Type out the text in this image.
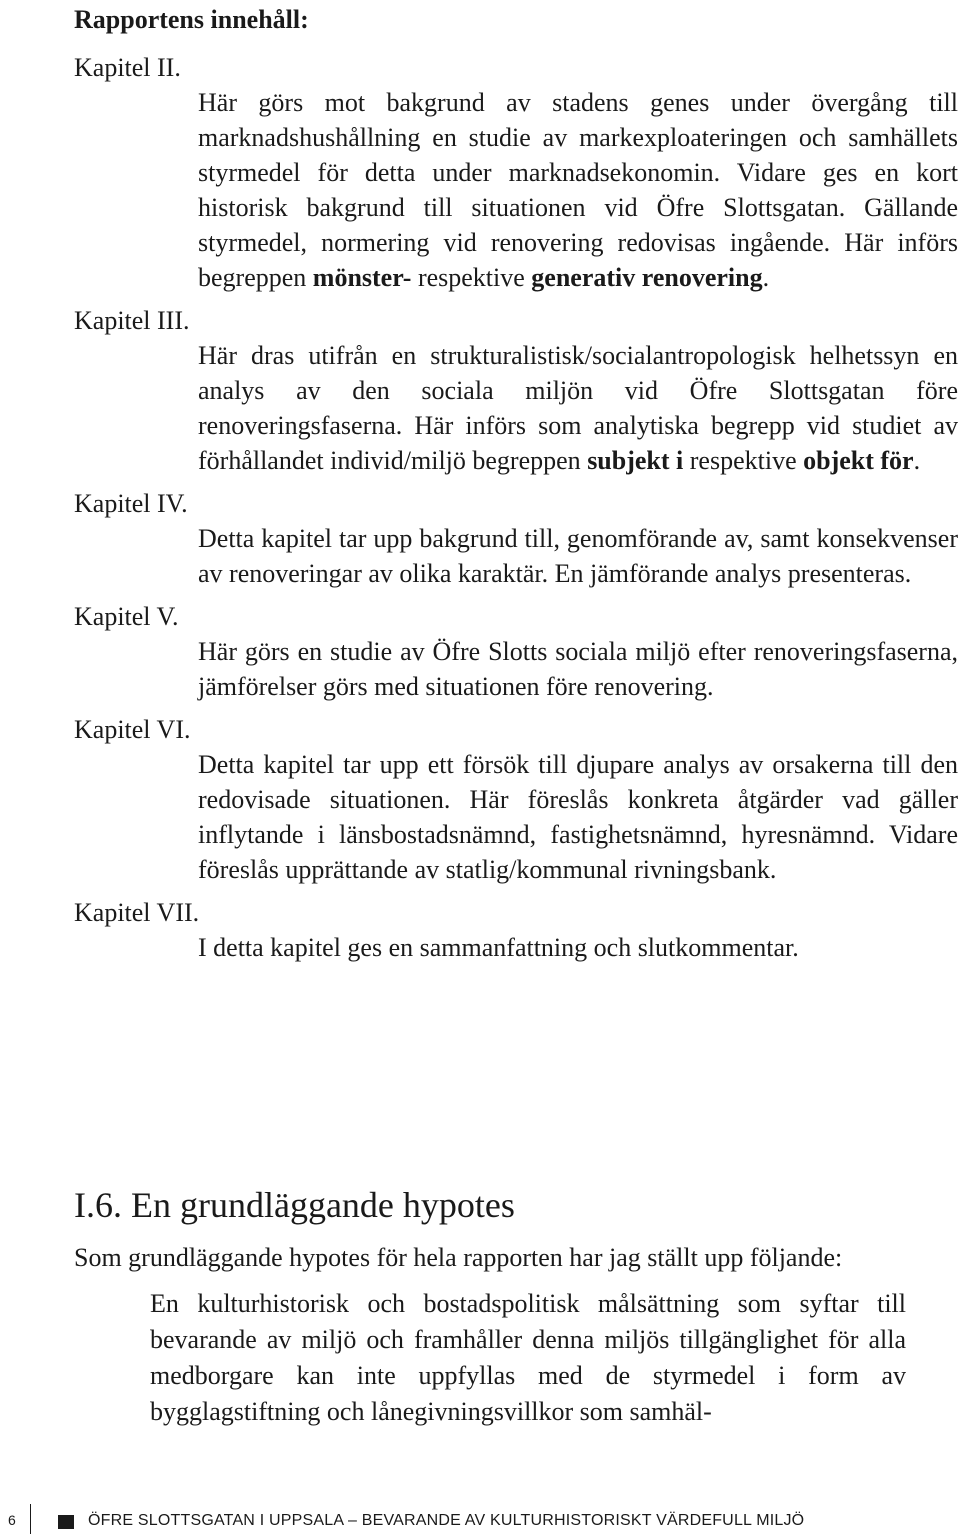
Rapportens innehåll:

Kapitel II.

Här görs mot bakgrund av stadens genes under övergång till marknadshushållning en studie av markexploateringen och samhällets styrmedel för detta under marknadsekonomin. Vidare ges en kort historisk bakgrund till situationen vid Öfre Slottsgatan. Gällande styrmedel, normering vid renovering redovisas ingående. Här införs begreppen mönster- respektive generativ renovering.

Kapitel III.

Här dras utifrån en strukturalistisk/socialantropologisk helhetssyn en analys av den sociala miljön vid Öfre Slottsgatan före renoveringsfaserna. Här införs som analytiska begrepp vid studiet av förhållandet individ/miljö begreppen subjekt i respektive objekt för.

Kapitel IV.

Detta kapitel tar upp bakgrund till, genomförande av, samt konsekvenser av renoveringar av olika karaktär. En jämförande analys presenteras.

Kapitel V.

Här görs en studie av Öfre Slotts sociala miljö efter renoveringsfaserna, jämförelser görs med situationen före renovering.

Kapitel VI.

Detta kapitel tar upp ett försök till djupare analys av orsakerna till den redovisade situationen. Här föreslås konkreta åtgärder vad gäller inflytande i länsbostadsnämnd, fastighetsnämnd, hyresnämnd. Vidare föreslås upprättande av statlig/kommunal rivningsbank.

Kapitel VII.

I detta kapitel ges en sammanfattning och slutkommentar.

I.6. En grundläggande hypotes

Som grundläggande hypotes för hela rapporten har jag ställt upp följande:

En kulturhistorisk och bostadspolitisk målsättning som syftar till bevarande av miljö och framhåller denna miljös tillgänglighet för alla medborgare kan inte uppfyllas med de styrmedel i form av bygglagstiftning och lånegivningsvillkor som samhäl-

6	ÖFRE SLOTTSGATAN I UPPSALA – BEVARANDE AV KULTURHISTORISKT VÄRDEFULL MILJÖ
